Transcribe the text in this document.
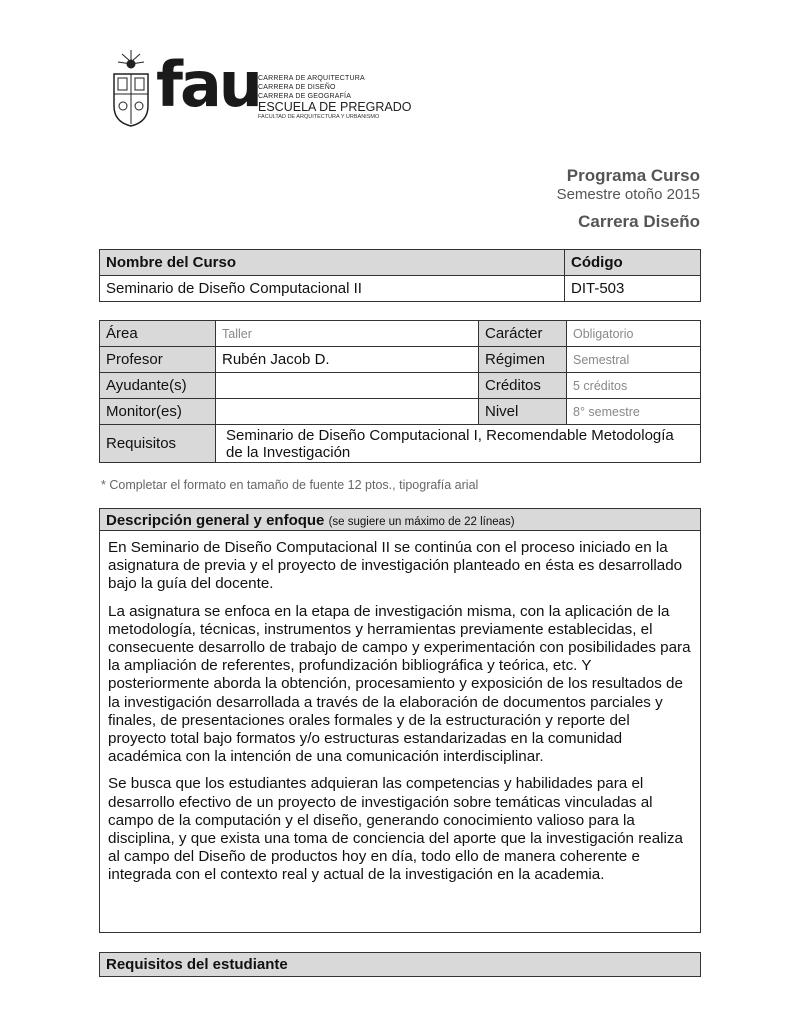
fau
CARRERA DE ARQUITECTURA
CARRERA DE DISEÑO
CARRERA DE GEOGRAFÍA
ESCUELA DE PREGRADO
FACULTAD DE ARQUITECTURA Y URBANISMO
Programa Curso
Semestre otoño 2015
Carrera Diseño
Nombre del Curso	Código
Seminario de Diseño Computacional II	DIT-503
Área	Taller	Carácter	Obligatorio
Profesor	Rubén Jacob D.	Régimen	Semestral
Ayudante(s)		Créditos	5 créditos
Monitor(es)		Nivel	8° semestre
Requisitos	Seminario de Diseño Computacional I, Recomendable Metodología de la Investigación		
* Completar el formato en tamaño de fuente 12 ptos., tipografía arial
Descripción general y enfoque (se sugiere un máximo de 22 líneas)

En Seminario de Diseño Computacional II se continúa con el proceso iniciado en la asignatura de previa y el proyecto de investigación planteado en ésta es desarrollado bajo la guía del docente.

La asignatura se enfoca en la etapa de investigación misma, con la aplicación de la metodología, técnicas, instrumentos y herramientas previamente establecidas, el consecuente desarrollo de trabajo de campo y experimentación con posibilidades para la ampliación de referentes, profundización bibliográfica y teórica, etc. Y posteriormente aborda la obtención, procesamiento y exposición de los resultados de la investigación desarrollada a través de la elaboración de documentos parciales y finales, de presentaciones orales formales y de la estructuración y reporte del proyecto total bajo formatos y/o estructuras estandarizadas en la comunidad académica con la intención de una comunicación interdisciplinar.

Se busca que los estudiantes adquieran las competencias y habilidades para el desarrollo efectivo de un proyecto de investigación sobre temáticas vinculadas al campo de la computación y el diseño, generando conocimiento valioso para la disciplina, y que exista una toma de conciencia del aporte que la investigación realiza al campo del Diseño de productos hoy en día, todo ello de manera coherente e integrada con el contexto real y actual de la investigación en la academia.

Requisitos del estudiante
